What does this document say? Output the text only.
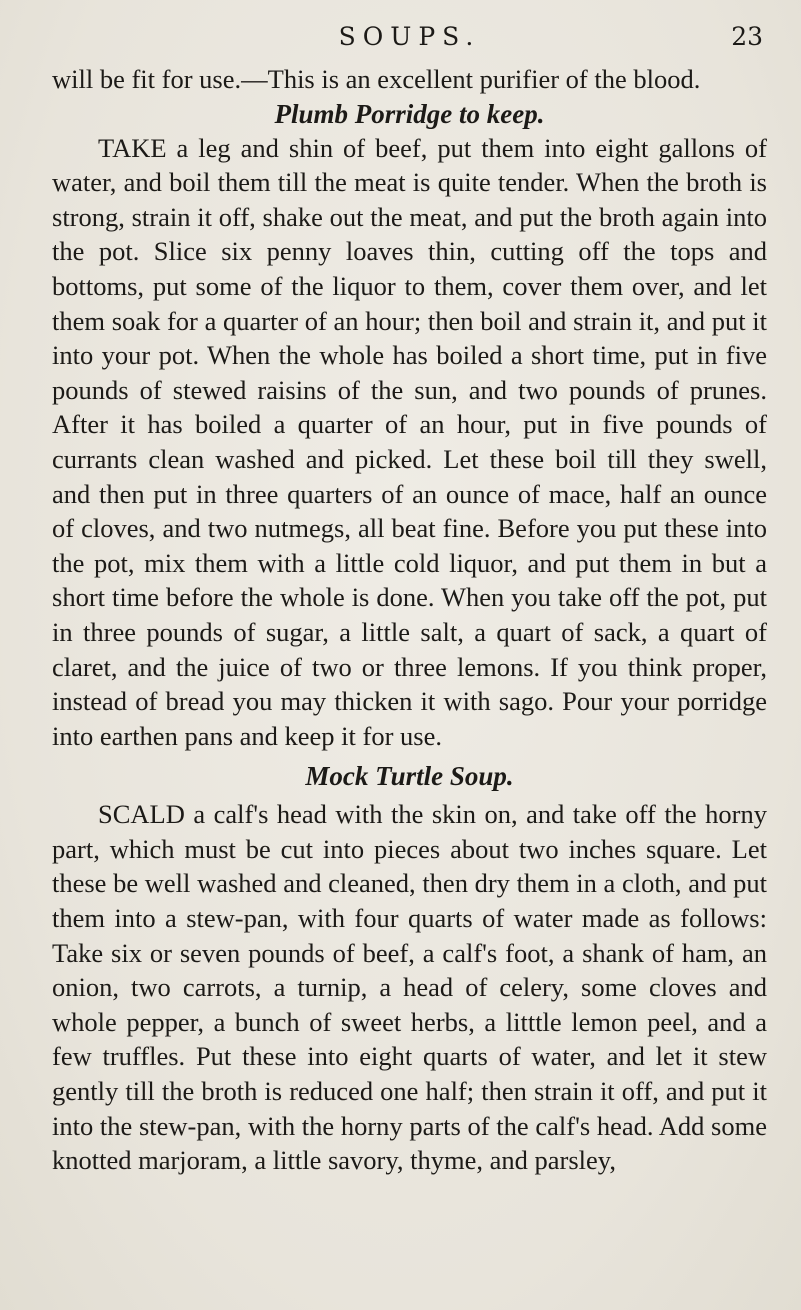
SOUPS.	23

will be fit for use.—This is an excellent purifier of the blood.

Plumb Porridge to keep.

TAKE a leg and shin of beef, put them into eight gallons of water, and boil them till the meat is quite tender. When the broth is strong, strain it off, shake out the meat, and put the broth again into the pot. Slice six penny loaves thin, cutting off the tops and bottoms, put some of the liquor to them, cover them over, and let them soak for a quarter of an hour; then boil and strain it, and put it into your pot. When the whole has boiled a short time, put in five pounds of stewed raisins of the sun, and two pounds of prunes. After it has boiled a quarter of an hour, put in five pounds of currants clean washed and picked. Let these boil till they swell, and then put in three quarters of an ounce of mace, half an ounce of cloves, and two nutmegs, all beat fine. Before you put these into the pot, mix them with a little cold liquor, and put them in but a short time before the whole is done. When you take off the pot, put in three pounds of sugar, a little salt, a quart of sack, a quart of claret, and the juice of two or three lemons. If you think proper, instead of bread you may thicken it with sago. Pour your porridge into earthen pans and keep it for use.

Mock Turtle Soup.

SCALD a calf's head with the skin on, and take off the horny part, which must be cut into pieces about two inches square. Let these be well washed and cleaned, then dry them in a cloth, and put them into a stew-pan, with four quarts of water made as follows: Take six or seven pounds of beef, a calf's foot, a shank of ham, an onion, two carrots, a turnip, a head of celery, some cloves and whole pepper, a bunch of sweet herbs, a litttle lemon peel, and a few truffles. Put these into eight quarts of water, and let it stew gently till the broth is reduced one half; then strain it off, and put it into the stew-pan, with the horny parts of the calf's head. Add some knotted marjoram, a little savory, thyme, and parsley,
